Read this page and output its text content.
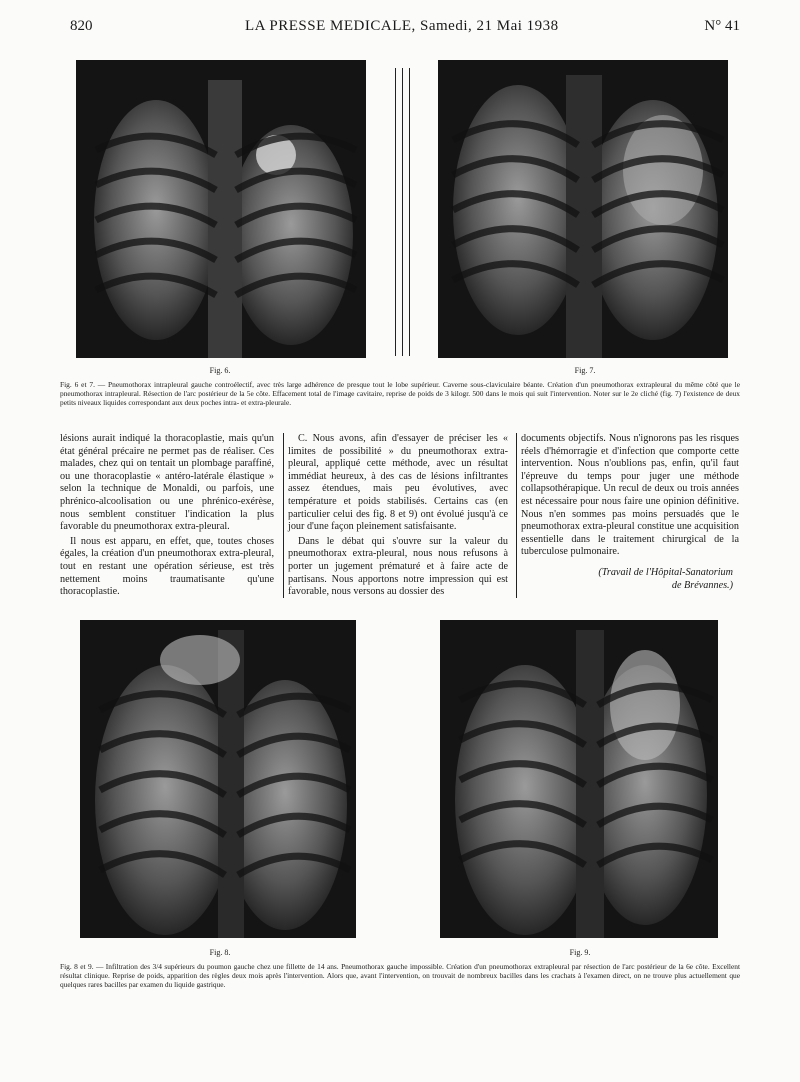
820	LA PRESSE MEDICALE, Samedi, 21 Mai 1938	N° 41
Fig. 6.	Fig. 7.
Fig. 6 et 7. — Pneumothorax intrapleural gauche controélectif, avec très large adhérence de presque tout le lobe supérieur. Caverne sous-claviculaire béante. Création d'un pneumothorax extrapleural du même côté que le pneumothorax intrapleural. Résection de l'arc postérieur de la 5e côte. Effacement total de l'image cavitaire, reprise de poids de 3 kilogr. 500 dans le mois qui suit l'intervention. Noter sur le 2e cliché (fig. 7) l'existence de deux petits niveaux liquides correspondant aux deux poches intra- et extra-pleurale.

lésions aurait indiqué la thoracoplastie, mais qu'un état général précaire ne permet pas de réaliser. Ces malades, chez qui on tentait un plombage paraffiné, ou une thoracoplastie « antéro-latérale élastique » selon la technique de Monaldi, ou parfois, une phrénico-alcoolisation ou une phrénico-exérèse, nous semblent constituer l'indication la plus favorable du pneumothorax extra-pleural.

Il nous est apparu, en effet, que, toutes choses égales, la création d'un pneumothorax extra-pleural, tout en restant une opération sérieuse, est très nettement moins traumatisante qu'une thoracoplastie.

C. Nous avons, afin d'essayer de préciser les « limites de possibilité » du pneumothorax extra-pleural, appliqué cette méthode, avec un résultat immédiat heureux, à des cas de lésions infiltrantes assez étendues, mais peu évolutives, avec température et poids stabilisés. Certains cas (en particulier celui des fig. 8 et 9) ont évolué jusqu'à ce jour d'une façon pleinement satisfaisante.

Dans le débat qui s'ouvre sur la valeur du pneumothorax extra-pleural, nous nous refusons à porter un jugement prématuré et à faire acte de partisans. Nous apportons notre impression qui est favorable, nous versons au dossier des

documents objectifs. Nous n'ignorons pas les risques réels d'hémorragie et d'infection que comporte cette intervention. Nous n'oublions pas, enfin, qu'il faut l'épreuve du temps pour juger une méthode collapsothérapique. Un recul de deux ou trois années est nécessaire pour nous faire une opinion définitive. Nous n'en sommes pas moins persuadés que le pneumothorax extra-pleural constitue une acquisition essentielle dans le traitement chirurgical de la tuberculose pulmonaire.

(Travail de l'Hôpital-Sanatorium
de Brévannes.)

Fig. 8.	Fig. 9.
Fig. 8 et 9. — Infiltration des 3/4 supérieurs du poumon gauche chez une fillette de 14 ans. Pneumothorax gauche impossible. Création d'un pneumothorax extrapleural par résection de l'arc postérieur de la 6e côte. Excellent résultat clinique. Reprise de poids, apparition des règles deux mois après l'intervention. Alors que, avant l'intervention, on trouvait de nombreux bacilles dans les crachats à l'examen direct, on ne trouve plus actuellement que quelques rares bacilles par examen du liquide gastrique.
